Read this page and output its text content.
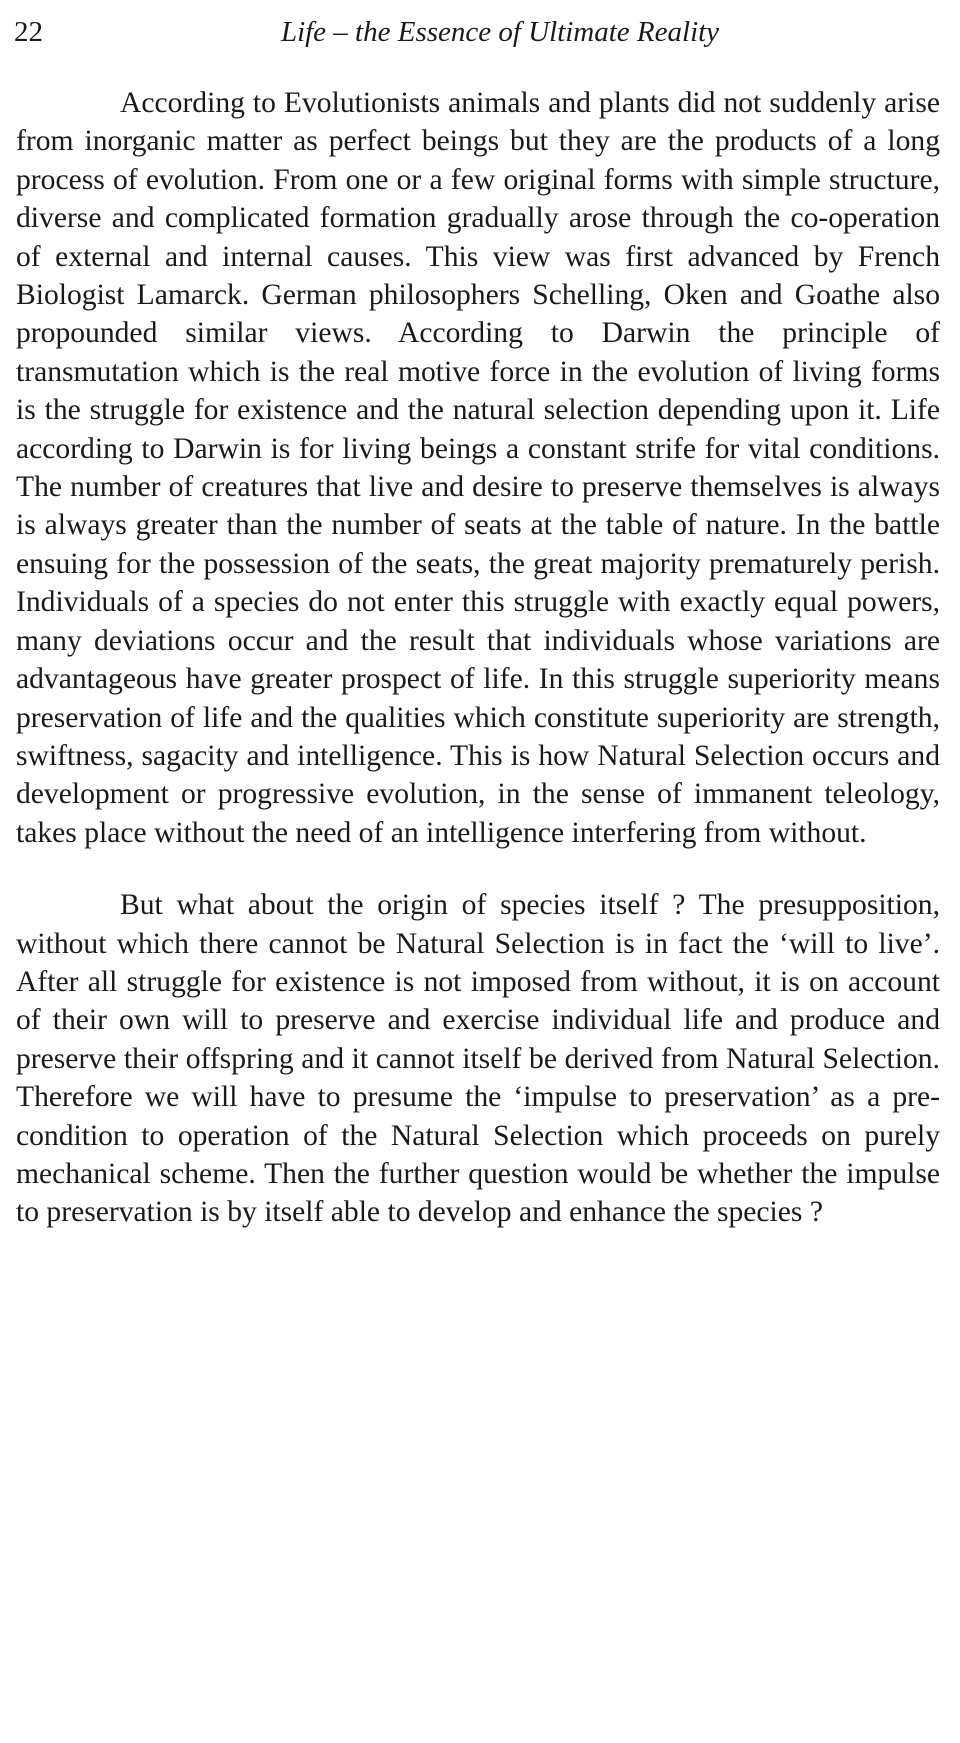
22	Life – the Essence of Ultimate Reality

According to Evolutionists animals and plants did not suddenly arise from inorganic matter as perfect beings but they are the products of a long process of evolution. From one or a few original forms with simple structure, diverse and complicated formation gradually arose through the co-operation of external and internal causes. This view was first advanced by French Biologist Lamarck. German philosophers Schelling, Oken and Goathe also propounded similar views. According to Darwin the principle of transmutation which is the real motive force in the evolution of living forms is the struggle for existence and the natural selection depending upon it. Life according to Darwin is for living beings a constant strife for vital conditions. The number of creatures that live and desire to preserve themselves is always is always greater than the number of seats at the table of nature. In the battle ensuing for the possession of the seats, the great majority prematurely perish. Individuals of a species do not enter this struggle with exactly equal powers, many deviations occur and the result that individuals whose variations are advantageous have greater prospect of life. In this struggle superiority means preservation of life and the qualities which constitute superiority are strength, swiftness, sagacity and intelligence. This is how Natural Selection occurs and development or progressive evolution, in the sense of immanent teleology, takes place without the need of an intelligence interfering from without.

But what about the origin of species itself ? The presupposition, without which there cannot be Natural Selection is in fact the ‘will to live’. After all struggle for existence is not imposed from without, it is on account of their own will to preserve and exercise individual life and produce and preserve their offspring and it cannot itself be derived from Natural Selection. Therefore we will have to presume the ‘impulse to preservation’ as a pre-condition to operation of the Natural Selection which proceeds on purely mechanical scheme. Then the further question would be whether the impulse to preservation is by itself able to develop and enhance the species ?
